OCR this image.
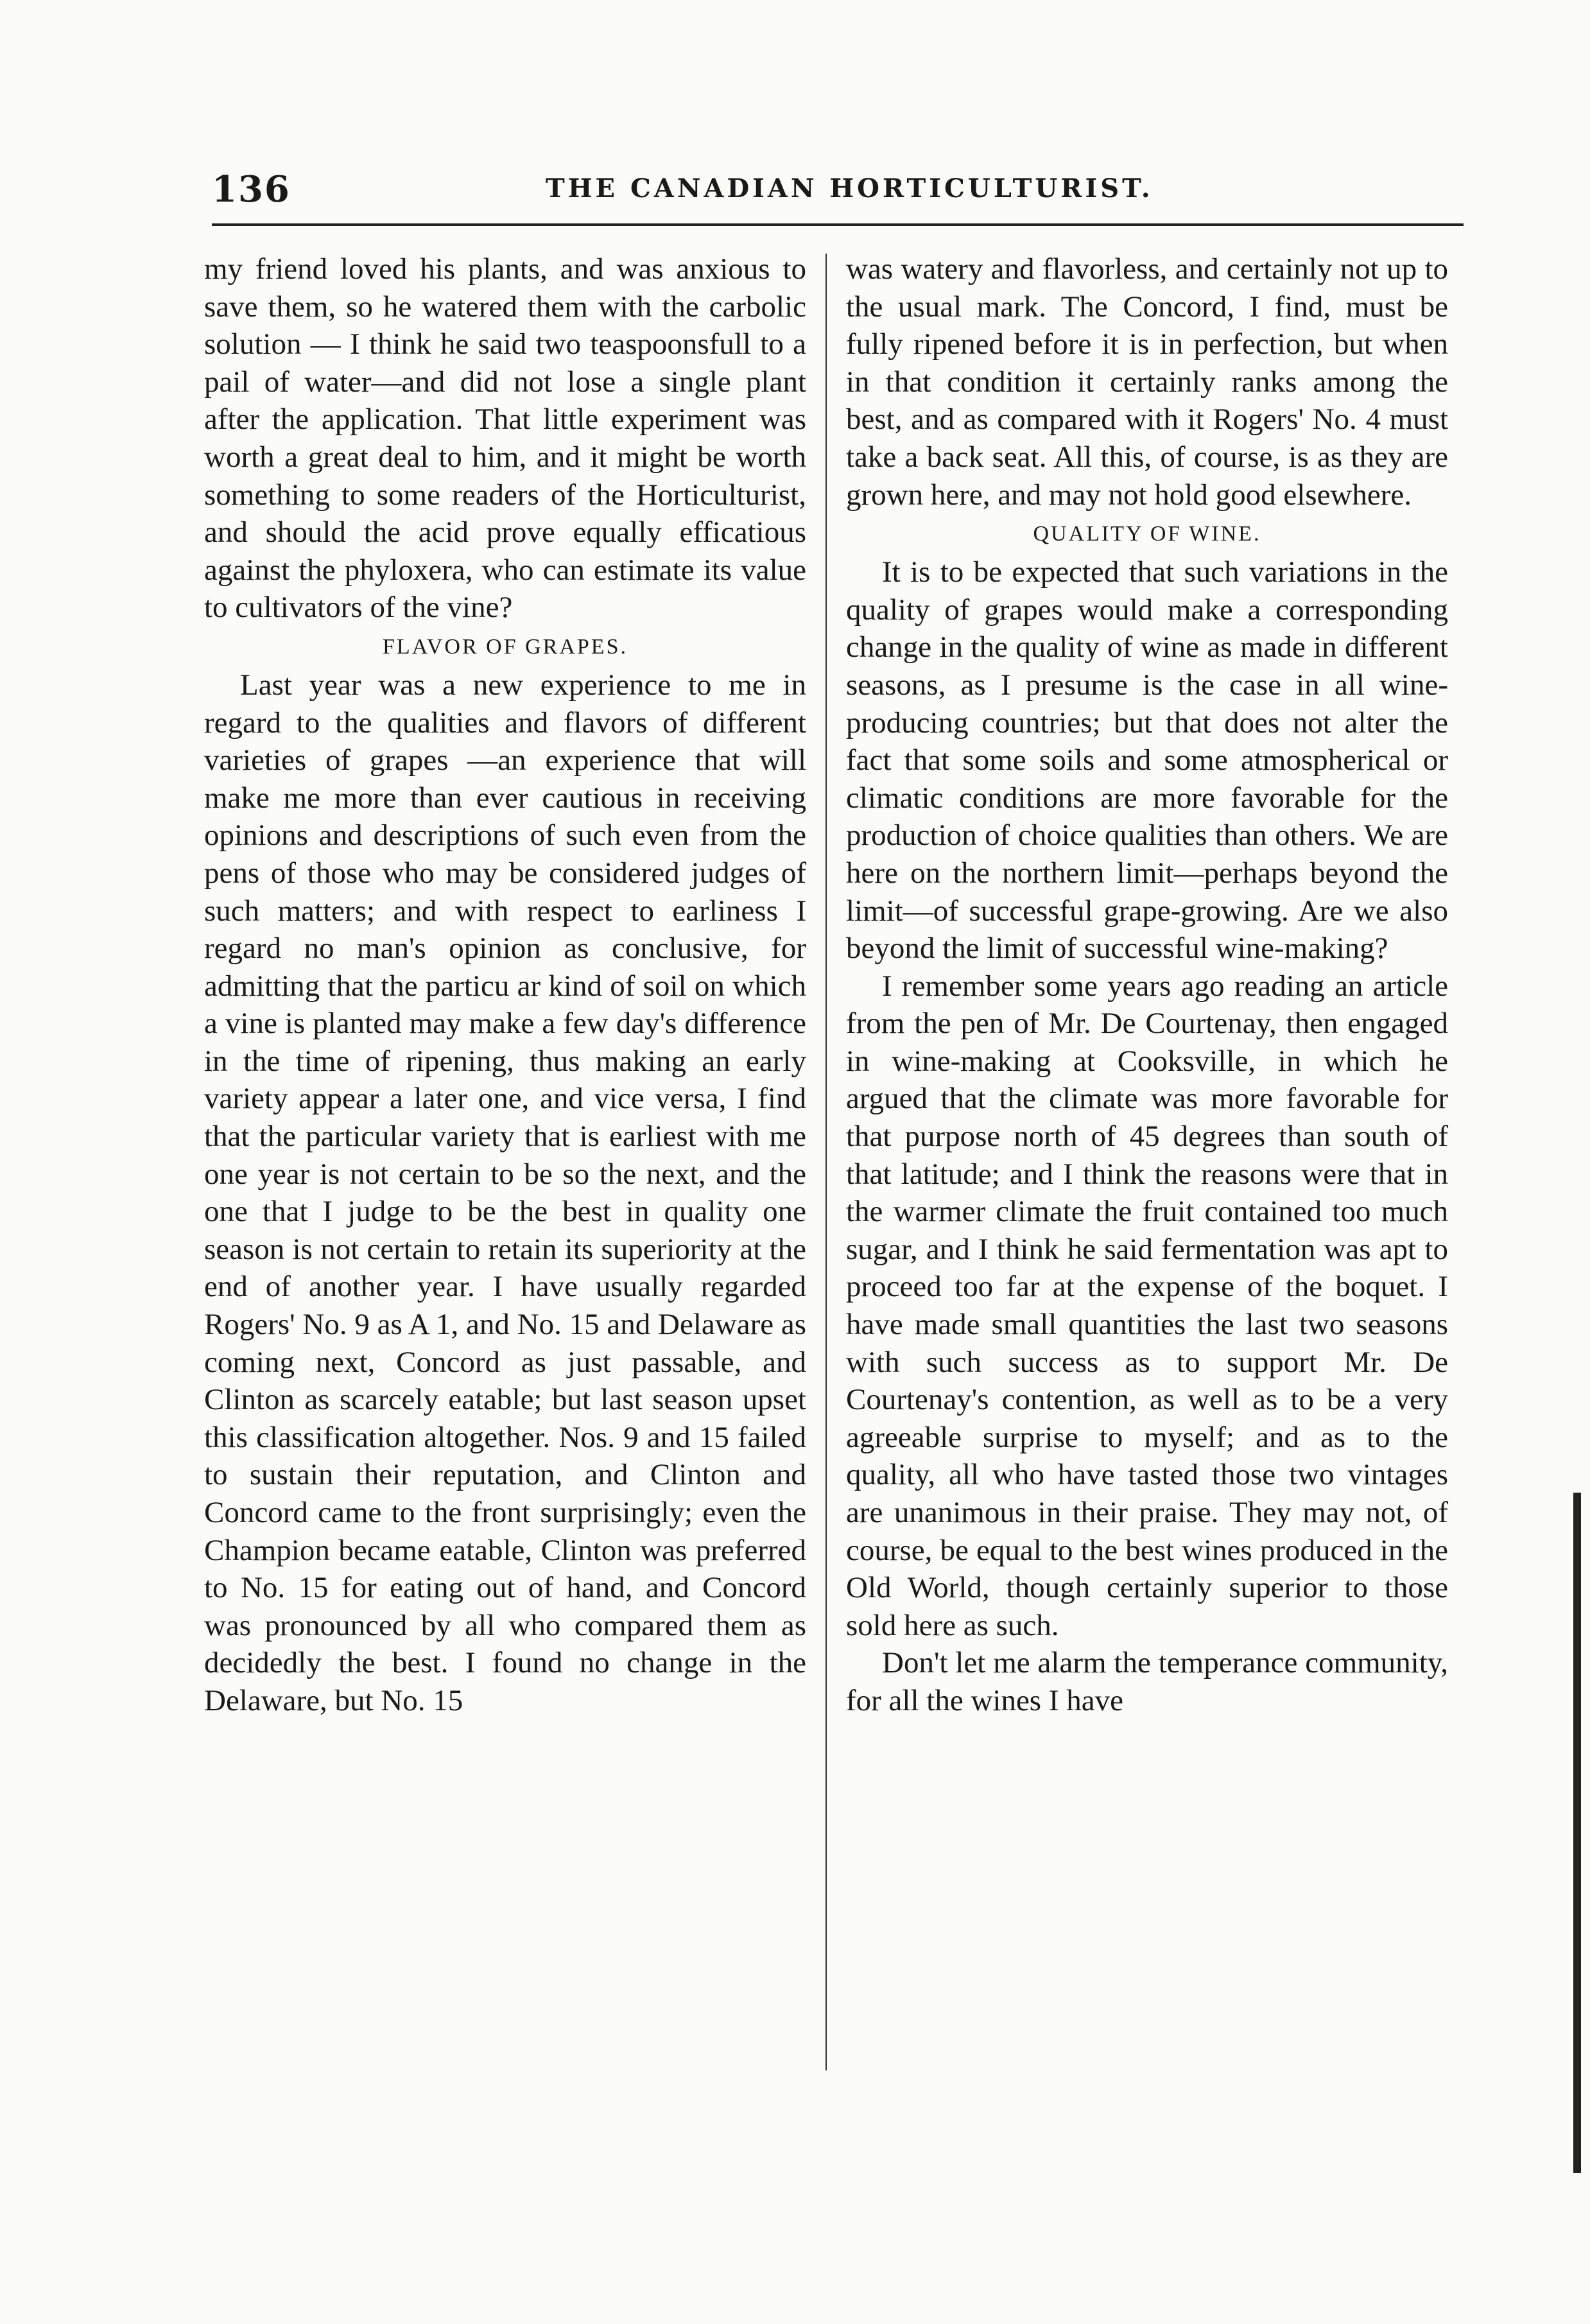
136	THE CANADIAN HORTICULTURIST.

my friend loved his plants, and was anxious to save them, so he watered them with the carbolic solution — I think he said two teaspoonsfull to a pail of water—and did not lose a single plant after the application. That little experiment was worth a great deal to him, and it might be worth something to some readers of the Horticulturist, and should the acid prove equally efficatious against the phyloxera, who can estimate its value to cultivators of the vine?

FLAVOR OF GRAPES.

Last year was a new experience to me in regard to the qualities and flavors of different varieties of grapes —an experience that will make me more than ever cautious in receiving opinions and descriptions of such even from the pens of those who may be considered judges of such matters; and with respect to earliness I regard no man's opinion as conclusive, for admitting that the particu ar kind of soil on which a vine is planted may make a few day's difference in the time of ripening, thus making an early variety appear a later one, and vice versa, I find that the particular variety that is earliest with me one year is not certain to be so the next, and the one that I judge to be the best in quality one season is not certain to retain its superiority at the end of another year. I have usually regarded Rogers' No. 9 as A 1, and No. 15 and Delaware as coming next, Concord as just passable, and Clinton as scarcely eatable; but last season upset this classification altogether. Nos. 9 and 15 failed to sustain their reputation, and Clinton and Concord came to the front surprisingly; even the Champion became eatable, Clinton was preferred to No. 15 for eating out of hand, and Concord was pronounced by all who compared them as decidedly the best. I found no change in the Delaware, but No. 15

was watery and flavorless, and certainly not up to the usual mark. The Concord, I find, must be fully ripened before it is in perfection, but when in that condition it certainly ranks among the best, and as compared with it Rogers' No. 4 must take a back seat. All this, of course, is as they are grown here, and may not hold good elsewhere.

QUALITY OF WINE.

It is to be expected that such variations in the quality of grapes would make a corresponding change in the quality of wine as made in different seasons, as I presume is the case in all wine-producing countries; but that does not alter the fact that some soils and some atmospherical or climatic conditions are more favorable for the production of choice qualities than others. We are here on the northern limit—perhaps beyond the limit—of successful grape-growing. Are we also beyond the limit of successful wine-making?

I remember some years ago reading an article from the pen of Mr. De Courtenay, then engaged in wine-making at Cooksville, in which he argued that the climate was more favorable for that purpose north of 45 degrees than south of that latitude; and I think the reasons were that in the warmer climate the fruit contained too much sugar, and I think he said fermentation was apt to proceed too far at the expense of the boquet. I have made small quantities the last two seasons with such success as to support Mr. De Courtenay's contention, as well as to be a very agreeable surprise to myself; and as to the quality, all who have tasted those two vintages are unanimous in their praise. They may not, of course, be equal to the best wines produced in the Old World, though certainly superior to those sold here as such.

Don't let me alarm the temperance community, for all the wines I have
